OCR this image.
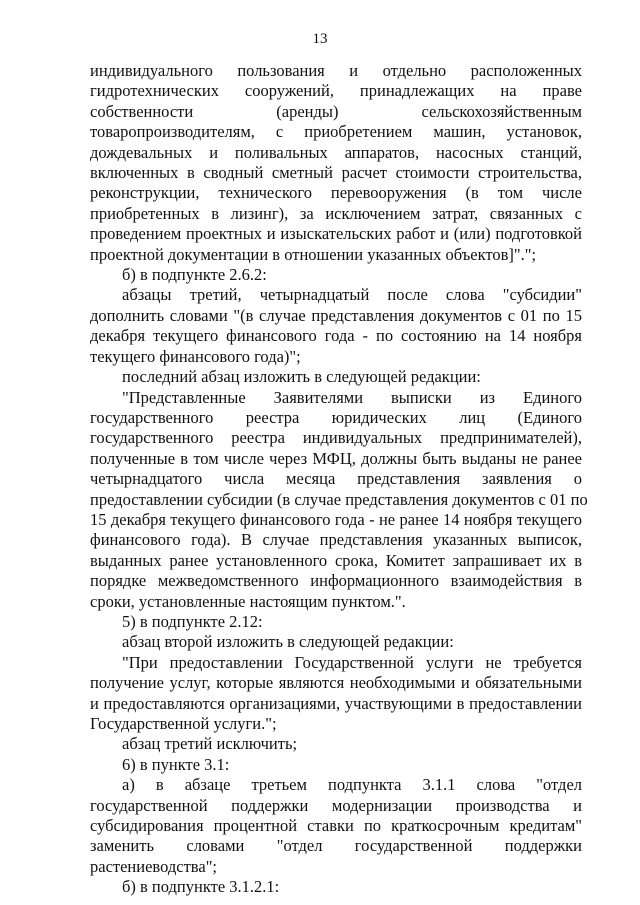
13
индивидуального пользования и отдельно расположенных
гидротехнических сооружений, принадлежащих на праве
собственности (аренды) сельскохозяйственным
товаропроизводителям, с приобретением машин, установок,
дождевальных и поливальных аппаратов, насосных станций,
включенных в сводный сметный расчет стоимости строительства,
реконструкции, технического перевооружения (в том числе
приобретенных в лизинг), за исключением затрат, связанных с
проведением проектных и изыскательских работ и (или) подготовкой
проектной документации в отношении указанных объектов]".";
б) в подпункте 2.6.2:
абзацы третий, четырнадцатый после слова "субсидии"
дополнить словами "(в случае представления документов с 01 по 15
декабря текущего финансового года - по состоянию на 14 ноября
текущего финансового года)";
последний абзац изложить в следующей редакции:
"Представленные Заявителями выписки из Единого
государственного реестра юридических лиц (Единого
государственного реестра индивидуальных предпринимателей),
полученные в том числе через МФЦ, должны быть выданы не ранее
четырнадцатого числа месяца представления заявления о
предоставлении субсидии (в случае представления документов с 01 по
15 декабря текущего финансового года - не ранее 14 ноября текущего
финансового года). В случае представления указанных выписок,
выданных ранее установленного срока, Комитет запрашивает их в
порядке межведомственного информационного взаимодействия в
сроки, установленные настоящим пунктом.".
5) в подпункте 2.12:
абзац второй изложить в следующей редакции:
"При предоставлении Государственной услуги не требуется
получение услуг, которые являются необходимыми и обязательными
и предоставляются организациями, участвующими в предоставлении
Государственной услуги.";
абзац третий исключить;
6) в пункте 3.1:
а) в абзаце третьем подпункта 3.1.1 слова "отдел
государственной поддержки модернизации производства и
субсидирования процентной ставки по краткосрочным кредитам"
заменить словами "отдел государственной поддержки
растениеводства";
б) в подпункте 3.1.2.1:
